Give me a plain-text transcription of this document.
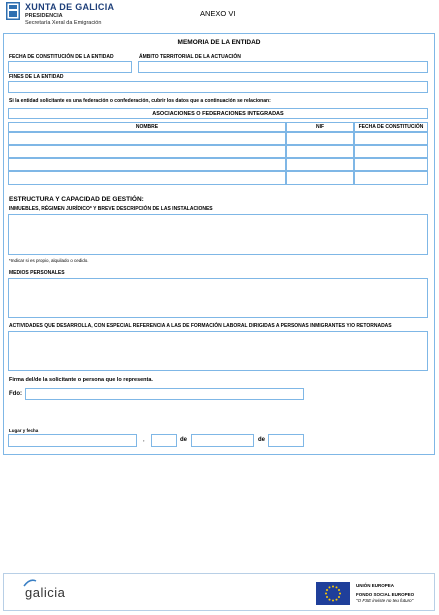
XUNTA DE GALICIA
PRESIDENCIA
Secretaría Xeral da Emigración
ANEXO VI
MEMORIA DE LA ENTIDAD
FECHA DE CONSTITUCIÓN DE LA ENTIDAD	ÁMBITO TERRITORIAL DE LA ACTUACIÓN
FINES DE LA ENTIDAD
Si la entidad solicitante es una federación o confederación, cubrir los datos que a continuación se relacionan:
ASOCIACIONES O FEDERACIONES INTEGRADAS
NOMBRE	NIF	FECHA DE CONSTITUCIÓN
ESTRUCTURA Y CAPACIDAD DE GESTIÓN:
INMUEBLES, RÉGIMEN JURÍDICO* Y BREVE DESCRIPCIÓN DE LAS INSTALACIONES
*Indicar si es propio, alquilado o cedido.
MEDIOS PERSONALES
ACTIVIDADES QUE DESARROLLA, CON ESPECIAL REFERENCIA A LAS DE FORMACIÓN LABORAL DIRIGIDAS A PERSONAS INMIGRANTES Y/O RETORNADAS
Firma del/de la solicitante o persona que lo representa.
Fdo:
Lugar y fecha
,	de	de
galicia	UNIÓN EUROPEA
FONDO SOCIAL EUROPEO
"O FSE inviste no teu futuro"
